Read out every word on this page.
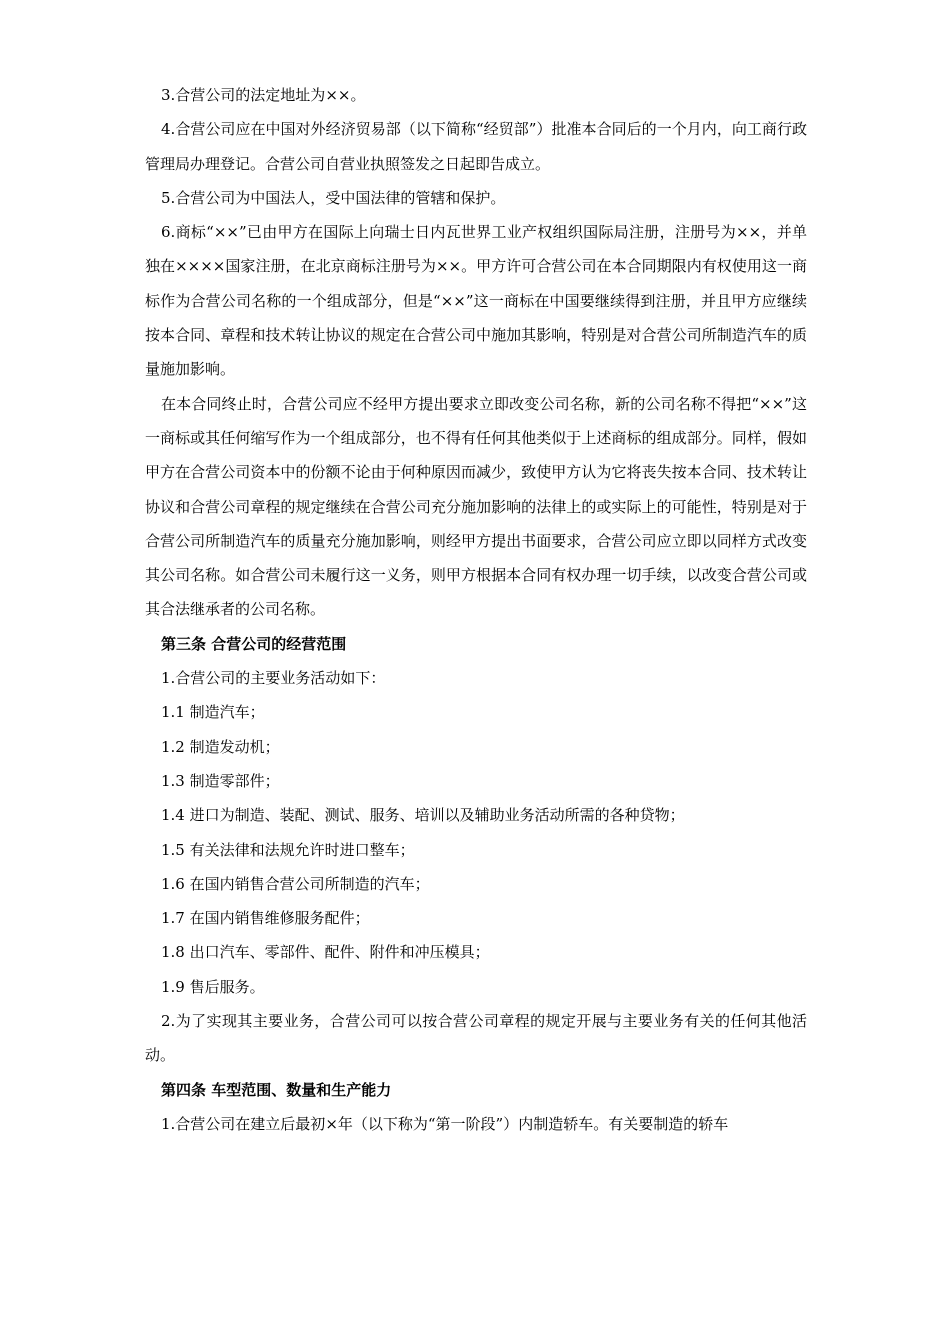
3.合营公司的法定地址为××。

4.合营公司应在中国对外经济贸易部（以下简称“经贸部”）批准本合同后的一个月内，向工商行政管理局办理登记。合营公司自营业执照签发之日起即告成立。

5.合营公司为中国法人，受中国法律的管辖和保护。

6.商标“××”已由甲方在国际上向瑞士日内瓦世界工业产权组织国际局注册，注册号为××，并单独在××××国家注册，在北京商标注册号为××。甲方许可合营公司在本合同期限内有权使用这一商标作为合营公司名称的一个组成部分，但是“××”这一商标在中国要继续得到注册，并且甲方应继续按本合同、章程和技术转让协议的规定在合营公司中施加其影响，特别是对合营公司所制造汽车的质量施加影响。

在本合同终止时，合营公司应不经甲方提出要求立即改变公司名称，新的公司名称不得把“××”这一商标或其任何缩写作为一个组成部分，也不得有任何其他类似于上述商标的组成部分。同样，假如甲方在合营公司资本中的份额不论由于何种原因而减少，致使甲方认为它将丧失按本合同、技术转让协议和合营公司章程的规定继续在合营公司充分施加影响的法律上的或实际上的可能性，特别是对于合营公司所制造汽车的质量充分施加影响，则经甲方提出书面要求，合营公司应立即以同样方式改变其公司名称。如合营公司未履行这一义务，则甲方根据本合同有权办理一切手续，以改变合营公司或其合法继承者的公司名称。

第三条 合营公司的经营范围

1.合营公司的主要业务活动如下：

1.1 制造汽车；

1.2 制造发动机；

1.3 制造零部件；

1.4 进口为制造、装配、测试、服务、培训以及辅助业务活动所需的各种贷物；

1.5 有关法律和法规允许时进口整车；

1.6 在国内销售合营公司所制造的汽车；

1.7 在国内销售维修服务配件；

1.8 出口汽车、零部件、配件、附件和冲压模具；

1.9 售后服务。

2.为了实现其主要业务，合营公司可以按合营公司章程的规定开展与主要业务有关的任何其他活动。

第四条 车型范围、数量和生产能力

1.合营公司在建立后最初×年（以下称为“第一阶段”）内制造轿车。有关要制造的轿车
